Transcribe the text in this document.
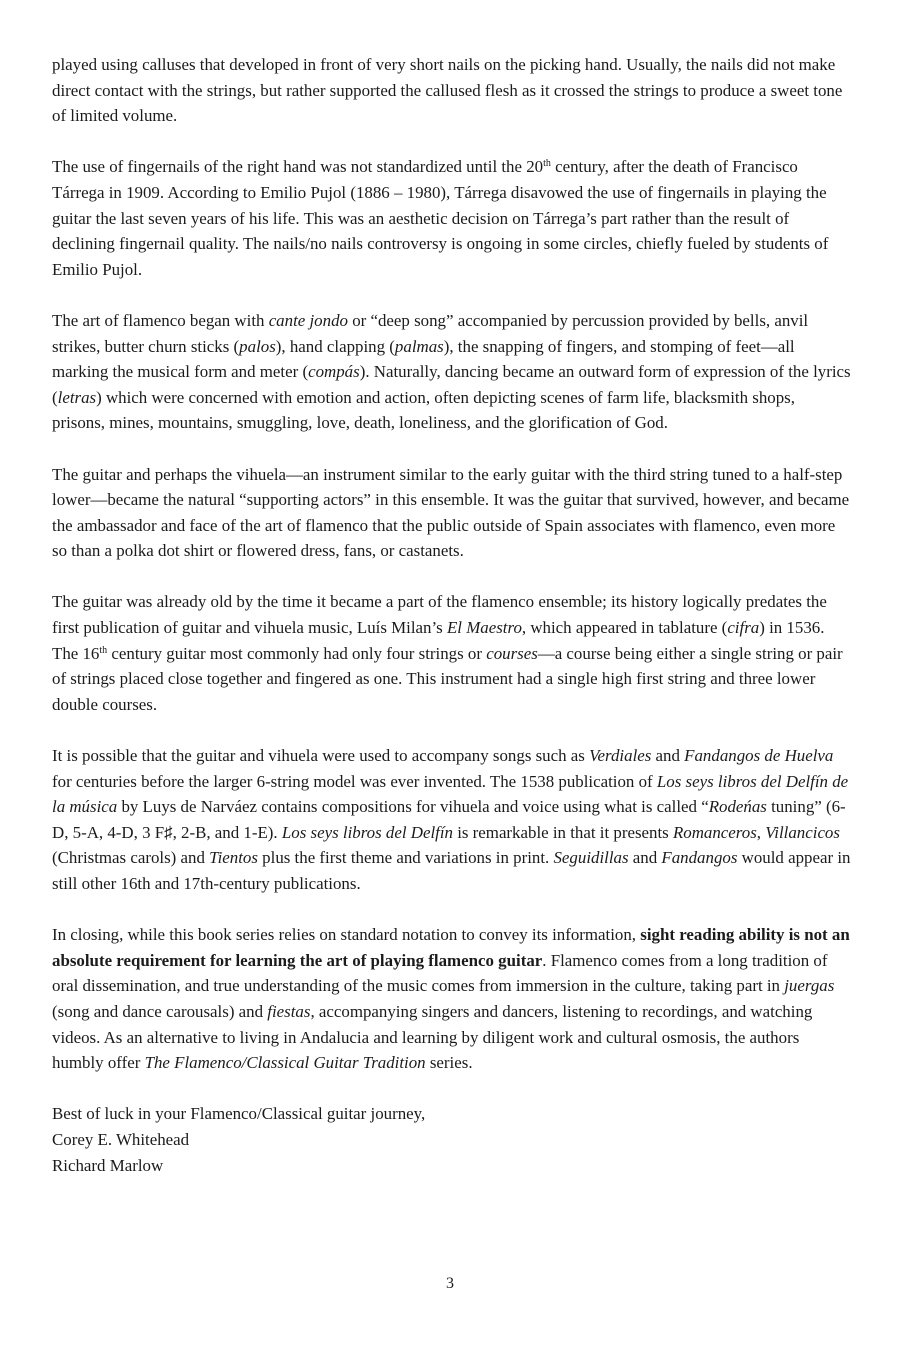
played using calluses that developed in front of very short nails on the picking hand. Usually, the nails did not make direct contact with the strings, but rather supported the callused flesh as it crossed the strings to produce a sweet tone of limited volume.

The use of fingernails of the right hand was not standardized until the 20th century, after the death of Francisco Tárrega in 1909. According to Emilio Pujol (1886 – 1980), Tárrega disavowed the use of fingernails in playing the guitar the last seven years of his life. This was an aesthetic decision on Tárrega’s part rather than the result of declining fingernail quality. The nails/no nails controversy is ongoing in some circles, chiefly fueled by students of Emilio Pujol.

The art of flamenco began with cante jondo or “deep song” accompanied by percussion provided by bells, anvil strikes, butter churn sticks (palos), hand clapping (palmas), the snapping of fingers, and stomping of feet—all marking the musical form and meter (compás). Naturally, dancing became an outward form of expression of the lyrics (letras) which were concerned with emotion and action, often depicting scenes of farm life, blacksmith shops, prisons, mines, mountains, smuggling, love, death, loneliness, and the glorification of God.

The guitar and perhaps the vihuela—an instrument similar to the early guitar with the third string tuned to a half-step lower—became the natural “supporting actors” in this ensemble. It was the guitar that survived, however, and became the ambassador and face of the art of flamenco that the public outside of Spain associates with flamenco, even more so than a polka dot shirt or flowered dress, fans, or castanets.

The guitar was already old by the time it became a part of the flamenco ensemble; its history logically predates the first publication of guitar and vihuela music, Luís Milan’s El Maestro, which appeared in tablature (cifra) in 1536. The 16th century guitar most commonly had only four strings or courses—a course being either a single string or pair of strings placed close together and fingered as one. This instrument had a single high first string and three lower double courses.

It is possible that the guitar and vihuela were used to accompany songs such as Verdiales and Fandangos de Huelva for centuries before the larger 6-string model was ever invented. The 1538 publication of Los seys libros del Delfín de la música by Luys de Narváez contains compositions for vihuela and voice using what is called “Rodeńas tuning” (6-D, 5-A, 4-D, 3 F♯, 2-B, and 1-E). Los seys libros del Delfín is remarkable in that it presents Romanceros, Villancicos (Christmas carols) and Tientos plus the first theme and variations in print. Seguidillas and Fandangos would appear in still other 16th and 17th-century publications.

In closing, while this book series relies on standard notation to convey its information, sight reading ability is not an absolute requirement for learning the art of playing flamenco guitar. Flamenco comes from a long tradition of oral dissemination, and true understanding of the music comes from immersion in the culture, taking part in juergas (song and dance carousals) and fiestas, accompanying singers and dancers, listening to recordings, and watching videos. As an alternative to living in Andalucia and learning by diligent work and cultural osmosis, the authors humbly offer The Flamenco/Classical Guitar Tradition series.

Best of luck in your Flamenco/Classical guitar journey,
Corey E. Whitehead
Richard Marlow
3
